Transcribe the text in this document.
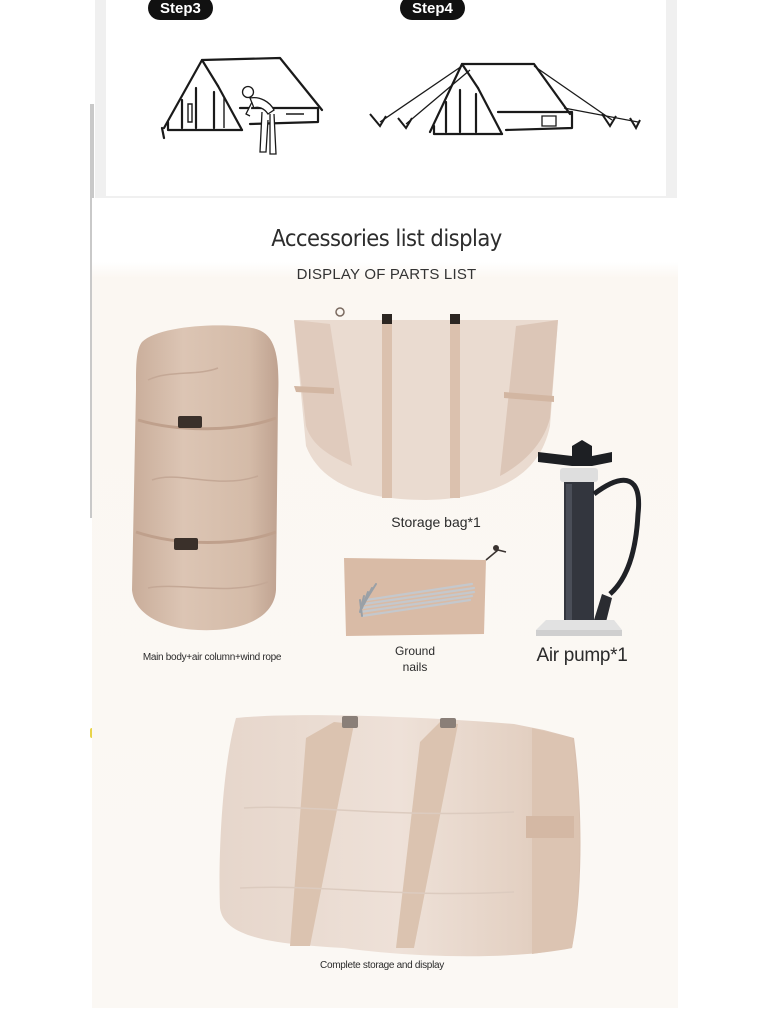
Step3	Step4
Accessories list display
DISPLAY OF PARTS LIST
Main body+air column+wind rope
Storage bag*1
Ground nails
Air pump*1
Complete storage and display
